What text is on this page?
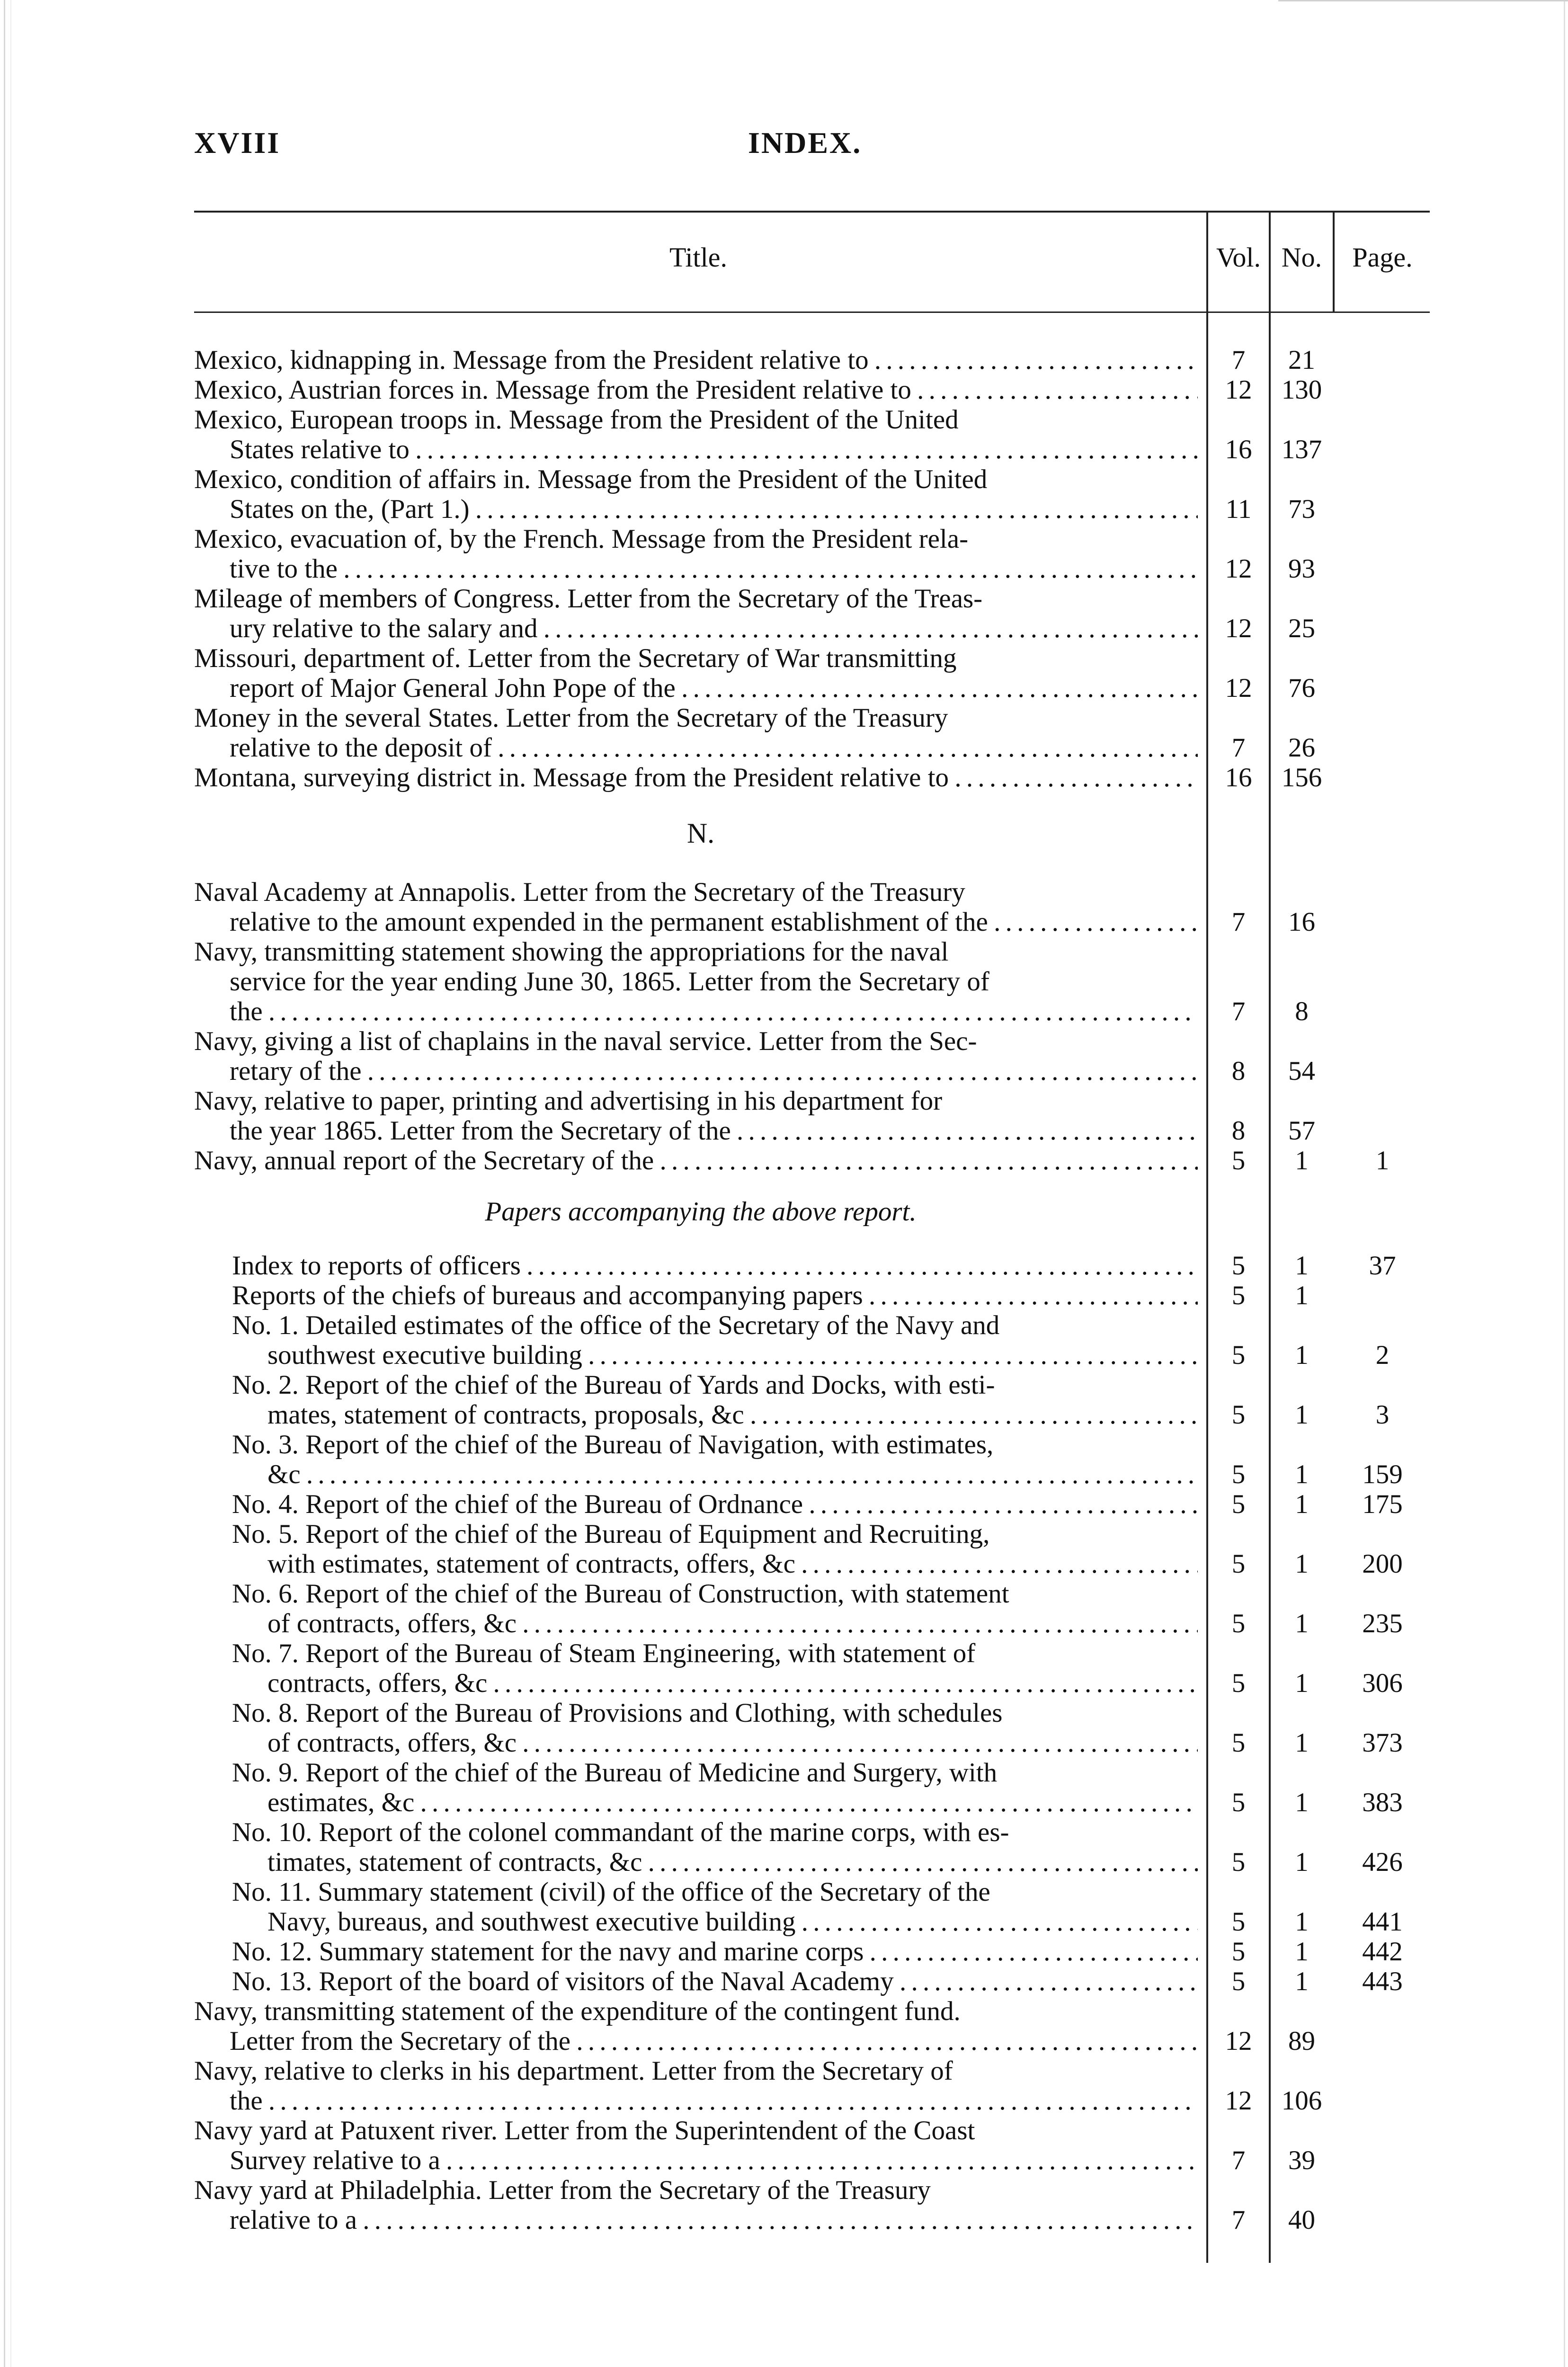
XVIII	INDEX.
Title.	Vol. No.	Page.
Mexico, kidnapping in. Message from the President relative to . . .	7	21
Mexico, Austrian forces in. Message from the President relative to . . .	12	130
Mexico, European troops in. Message from the President of the United
States relative to . . .	16	137
Mexico, condition of affairs in. Message from the President of the United
States on the, (Part 1.) . . .	11	73
Mexico, evacuation of, by the French. Message from the President rela-
tive to the . . .	12	93
Mileage of members of Congress. Letter from the Secretary of the Treas-
ury relative to the salary and . . .	12	25
Missouri, department of. Letter from the Secretary of War transmitting
report of Major General John Pope of the . . .	12	76
Money in the several States. Letter from the Secretary of the Treasury
relative to the deposit of . . .	7	26
Montana, surveying district in. Message from the President relative to . . .	16	156
N.
Naval Academy at Annapolis. Letter from the Secretary of the Treasury
relative to the amount expended in the permanent establishment of the . . .	7	16
Navy, transmitting statement showing the appropriations for the naval
service for the year ending June 30, 1865. Letter from the Secretary of
the . . .	7	8
Navy, giving a list of chaplains in the naval service. Letter from the Sec-
retary of the . . .	8	54
Navy, relative to paper, printing and advertising in his department for
the year 1865. Letter from the Secretary of the . . .	8	57
Navy, annual report of the Secretary of the . . .	5	1	1
Papers accompanying the above report.
Index to reports of officers . . .	5	1	37
Reports of the chiefs of bureaus and accompanying papers . . .	5	1
No. 1. Detailed estimates of the office of the Secretary of the Navy and
southwest executive building . . .	5	1	2
No. 2. Report of the chief of the Bureau of Yards and Docks, with esti-
mates, statement of contracts, proposals, &c . . .	5	1	3
No. 3. Report of the chief of the Bureau of Navigation, with estimates,
&c . . .	5	1	159
No. 4. Report of the chief of the Bureau of Ordnance . . .	5	1	175
No. 5. Report of the chief of the Bureau of Equipment and Recruiting,
with estimates, statement of contracts, offers, &c . . .	5	1	200
No. 6. Report of the chief of the Bureau of Construction, with statement
of contracts, offers, &c . . .	5	1	235
No. 7. Report of the Bureau of Steam Engineering, with statement of
contracts, offers, &c . . .	5	1	306
No. 8. Report of the Bureau of Provisions and Clothing, with schedules
of contracts, offers, &c . . .	5	1	373
No. 9. Report of the chief of the Bureau of Medicine and Surgery, with
estimates, &c . . .	5	1	383
No. 10. Report of the colonel commandant of the marine corps, with es-
timates, statement of contracts, &c . . .	5	1	426
No. 11. Summary statement (civil) of the office of the Secretary of the
Navy, bureaus, and southwest executive building . . .	5	1	441
No. 12. Summary statement for the navy and marine corps . . .	5	1	442
No. 13. Report of the board of visitors of the Naval Academy . . .	5	1	443
Navy, transmitting statement of the expenditure of the contingent fund.
Letter from the Secretary of the . . .	12	89
Navy, relative to clerks in his department. Letter from the Secretary of
the . . .	12	106
Navy yard at Patuxent river. Letter from the Superintendent of the Coast
Survey relative to a . . .	7	39
Navy yard at Philadelphia. Letter from the Secretary of the Treasury
relative to a . . .	7	40
